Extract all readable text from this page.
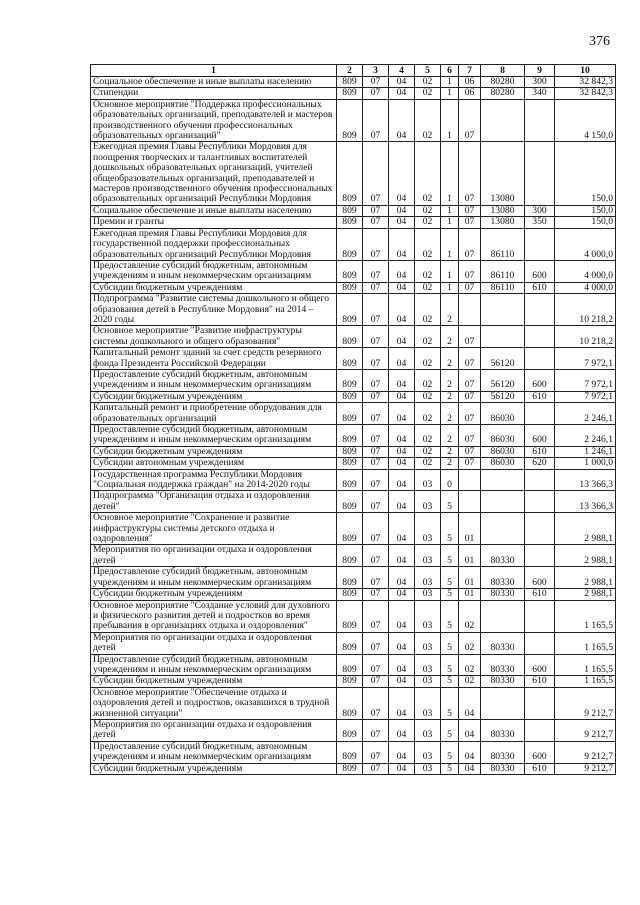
376
1	2	3	4	5	6	7	8	9	10
Социальное обеспечение и иные выплаты населению	809	07	04	02	1	06	80280	300	32 842,3
Стипендии	809	07	04	02	1	06	80280	340	32 842,3
Основное мероприятие "Поддержка профессиональных образовательных организаций, преподавателей и мастеров производственного обучения профессиональных образовательных организаций"	809	07	04	02	1	07			4 150,0
Ежегодная премия Главы Республики Мордовия для поощрения творческих и талантливых воспитателей дошкольных образовательных организаций, учителей общеобразовательных организаций, преподавателей и мастеров производственного обучения профессиональных образовательных организаций Республики Мордовия	809	07	04	02	1	07	13080		150,0
Социальное обеспечение и иные выплаты населению	809	07	04	02	1	07	13080	300	150,0
Премии и гранты	809	07	04	02	1	07	13080	350	150,0
Ежегодная премия Главы Республики Мордовия для государственной поддержки профессиональных образовательных организаций Республики Мордовия	809	07	04	02	1	07	86110		4 000,0
Предоставление субсидий бюджетным, автономным учреждениям и иным некоммерческим организациям	809	07	04	02	1	07	86110	600	4 000,0
Субсидии бюджетным учреждениям	809	07	04	02	1	07	86110	610	4 000,0
Подпрограмма "Развитие системы дошкольного и общего образования детей в Республике Мордовия" на 2014 – 2020 годы	809	07	04	02	2				10 218,2
Основное мероприятие "Развитие инфраструктуры системы дошкольного и общего образования"	809	07	04	02	2	07			10 218,2
Капитальный ремонт зданий за счет средств резервного фонда Президента Российской Федерации	809	07	04	02	2	07	56120		7 972,1
Предоставление субсидий бюджетным, автономным учреждениям и иным некоммерческим организациям	809	07	04	02	2	07	56120	600	7 972,1
Субсидии бюджетным учреждениям	809	07	04	02	2	07	56120	610	7 972,1
Капитальный ремонт и приобретение оборудования для образовательных организаций	809	07	04	02	2	07	86030		2 246,1
Предоставление субсидий бюджетным, автономным учреждениям и иным некоммерческим организациям	809	07	04	02	2	07	86030	600	2 246,1
Субсидии бюджетным учреждениям	809	07	04	02	2	07	86030	610	1 246,1
Субсидии автономным учреждениям	809	07	04	02	2	07	86030	620	1 000,0
Государственная программа Республики Мордовия "Социальная поддержка граждан" на 2014-2020 годы	809	07	04	03	0				13 366,3
Подпрограмма "Организация отдыха и оздоровления детей"	809	07	04	03	5				13 366,3
Основное мероприятие "Сохранение и развитие инфраструктуры системы детского отдыха и оздоровления"	809	07	04	03	5	01			2 988,1
Мероприятия по организации отдыха и оздоровления детей	809	07	04	03	5	01	80330		2 988,1
Предоставление субсидий бюджетным, автономным учреждениям и иным некоммерческим организациям	809	07	04	03	5	01	80330	600	2 988,1
Субсидии бюджетным учреждениям	809	07	04	03	5	01	80330	610	2 988,1
Основное мероприятие "Создание условий для духовного и физического развития детей и подростков во время пребывания в организациях отдыха и оздоровления"	809	07	04	03	5	02			1 165,5
Мероприятия по организации отдыха и оздоровления детей	809	07	04	03	5	02	80330		1 165,5
Предоставление субсидий бюджетным, автономным учреждениям и иным некоммерческим организациям	809	07	04	03	5	02	80330	600	1 165,5
Субсидии бюджетным учреждениям	809	07	04	03	5	02	80330	610	1 165,5
Основное мероприятие "Обеспечение отдыха и оздоровления детей и подростков, оказавшихся в трудной жизненной ситуации"	809	07	04	03	5	04			9 212,7
Мероприятия по организации отдыха и оздоровления детей	809	07	04	03	5	04	80330		9 212,7
Предоставление субсидий бюджетным, автономным учреждениям и иным некоммерческим организациям	809	07	04	03	5	04	80330	600	9 212,7
Субсидии бюджетным учреждениям	809	07	04	03	5	04	80330	610	9 212,7
